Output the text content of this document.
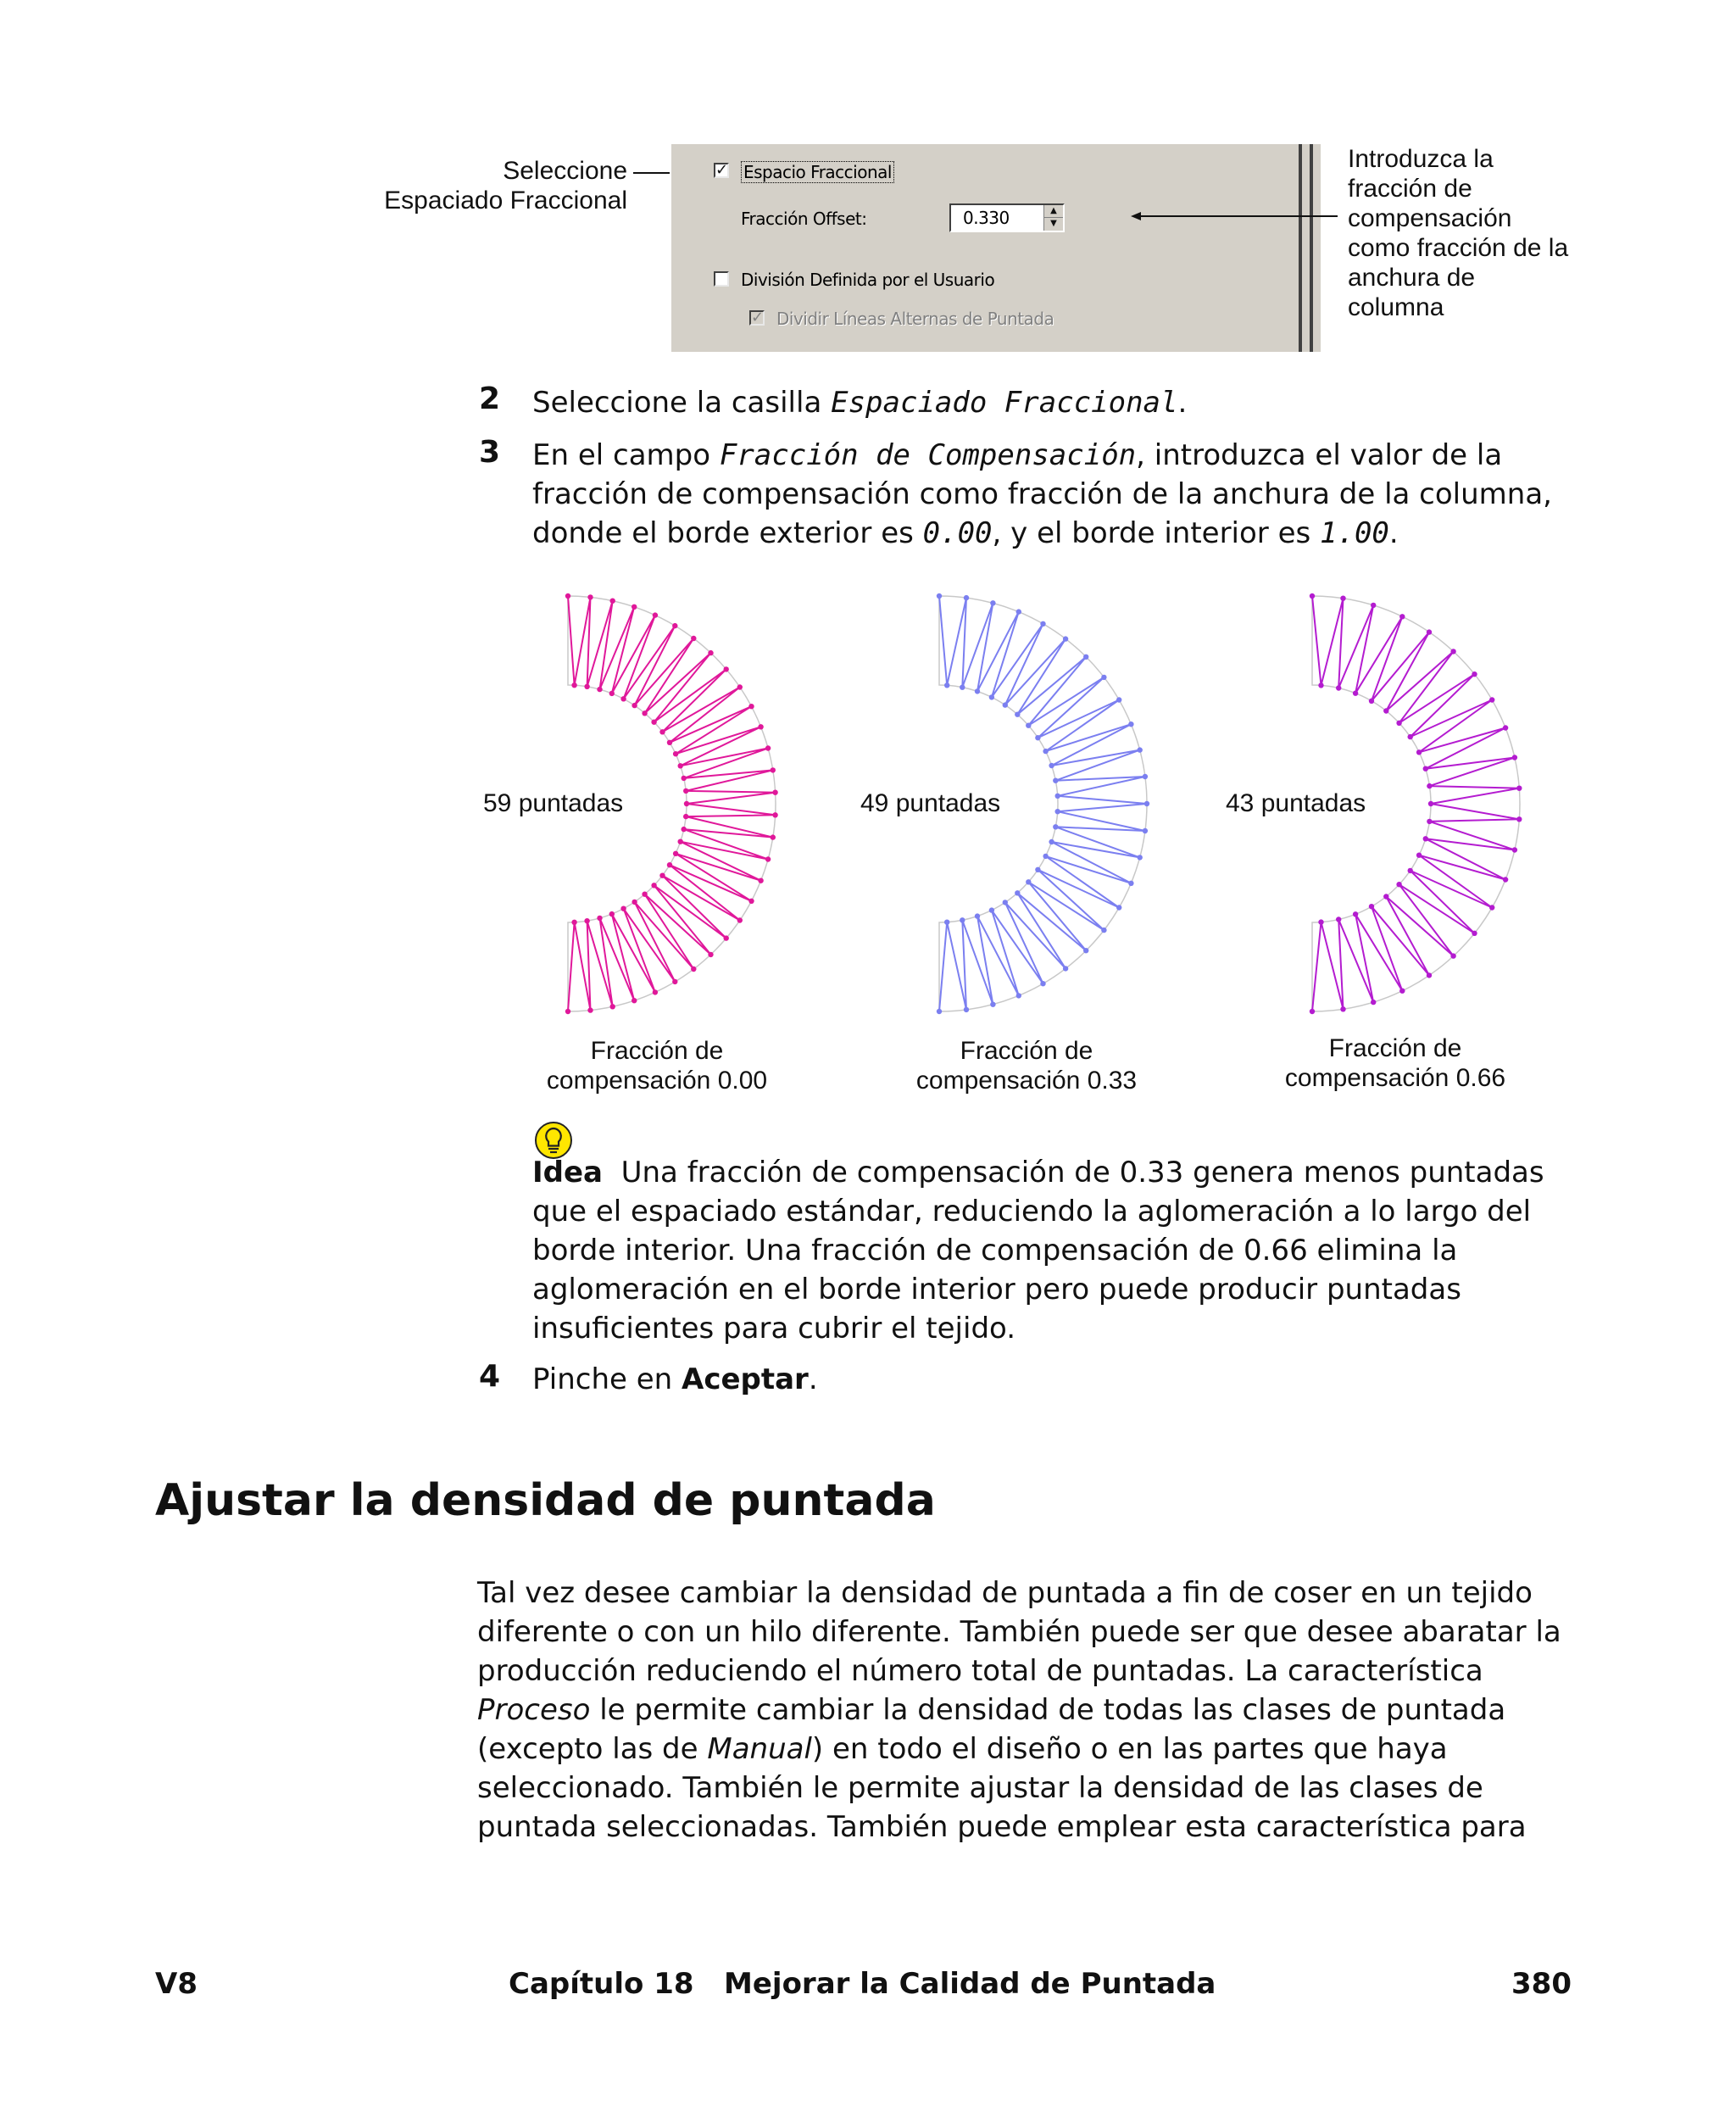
Seleccione
Espaciado Fraccional
✓ Espacio Fraccional
Fracción Offset:
División Definida por el Usuario
✓ Dividir Líneas Alternas de Puntada
0.330	▲
▼
Introduzca la
fracción de
compensación
como fracción de la
anchura de
columna
2 Seleccione la casilla Espaciado Fraccional.
3 En el campo Fracción de Compensación, introduzca el valor de la
fracción de compensación como fracción de la anchura de la columna,
donde el borde exterior es 0.00, y el borde interior es 1.00.
59 puntadas	49 puntadas	43 puntadas
Fracción de
compensación 0.00
Fracción de
compensación 0.33
Fracción de
compensación 0.66
Idea Una fracción de compensación de 0.33 genera menos puntadas
que el espaciado estándar, reduciendo la aglomeración a lo largo del
borde interior. Una fracción de compensación de 0.66 elimina la
aglomeración en el borde interior pero puede producir puntadas
insuficientes para cubrir el tejido.
4 Pinche en Aceptar.
Ajustar la densidad de puntada
Tal vez desee cambiar la densidad de puntada a fin de coser en un tejido
diferente o con un hilo diferente. También puede ser que desee abaratar la
producción reduciendo el número total de puntadas. La característica
Proceso le permite cambiar la densidad de todas las clases de puntada
(excepto las de Manual) en todo el diseño o en las partes que haya
seleccionado. También le permite ajustar la densidad de las clases de
puntada seleccionadas. También puede emplear esta característica para
V8	Capítulo 18   Mejorar la Calidad de Puntada	380
